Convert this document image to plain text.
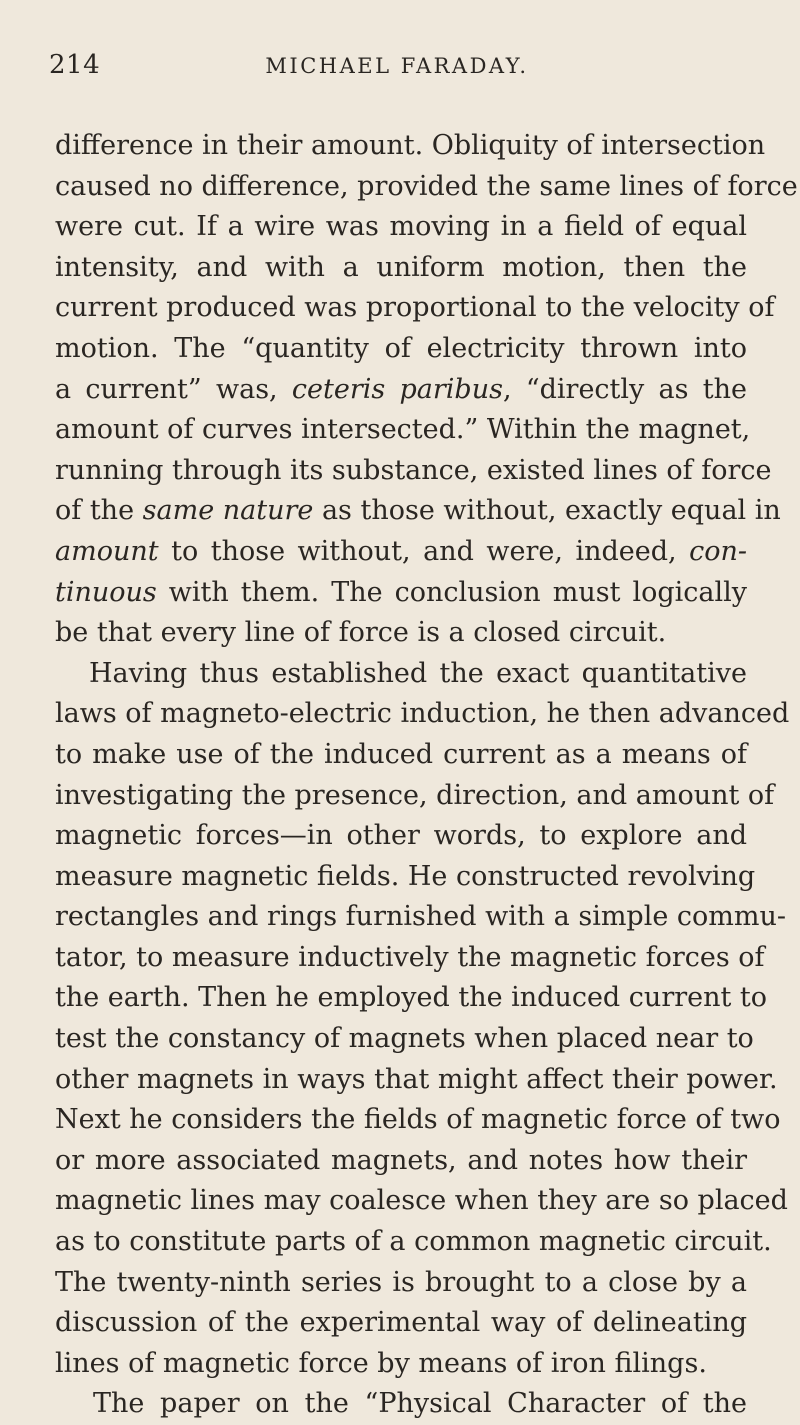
214	MICHAEL FARADAY.
difference in their amount. Obliquity of intersection
caused no difference, provided the same lines of force
were cut. If a wire was moving in a field of equal
intensity, and with a uniform motion, then the
current produced was proportional to the velocity of
motion. The “quantity of electricity thrown into
a current” was, ceteris paribus, “directly as the
amount of curves intersected.” Within the magnet,
running through its substance, existed lines of force
of the same nature as those without, exactly equal in
amount to those without, and were, indeed, con-
tinuous with them. The conclusion must logically
be that every line of force is a closed circuit.
Having thus established the exact quantitative
laws of magneto-electric induction, he then advanced
to make use of the induced current as a means of
investigating the presence, direction, and amount of
magnetic forces—in other words, to explore and
measure magnetic fields. He constructed revolving
rectangles and rings furnished with a simple commu-
tator, to measure inductively the magnetic forces of
the earth. Then he employed the induced current to
test the constancy of magnets when placed near to
other magnets in ways that might affect their power.
Next he considers the fields of magnetic force of two
or more associated magnets, and notes how their
magnetic lines may coalesce when they are so placed
as to constitute parts of a common magnetic circuit.
The twenty-ninth series is brought to a close by a
discussion of the experimental way of delineating
lines of magnetic force by means of iron filings.
The paper on the “Physical Character of the
